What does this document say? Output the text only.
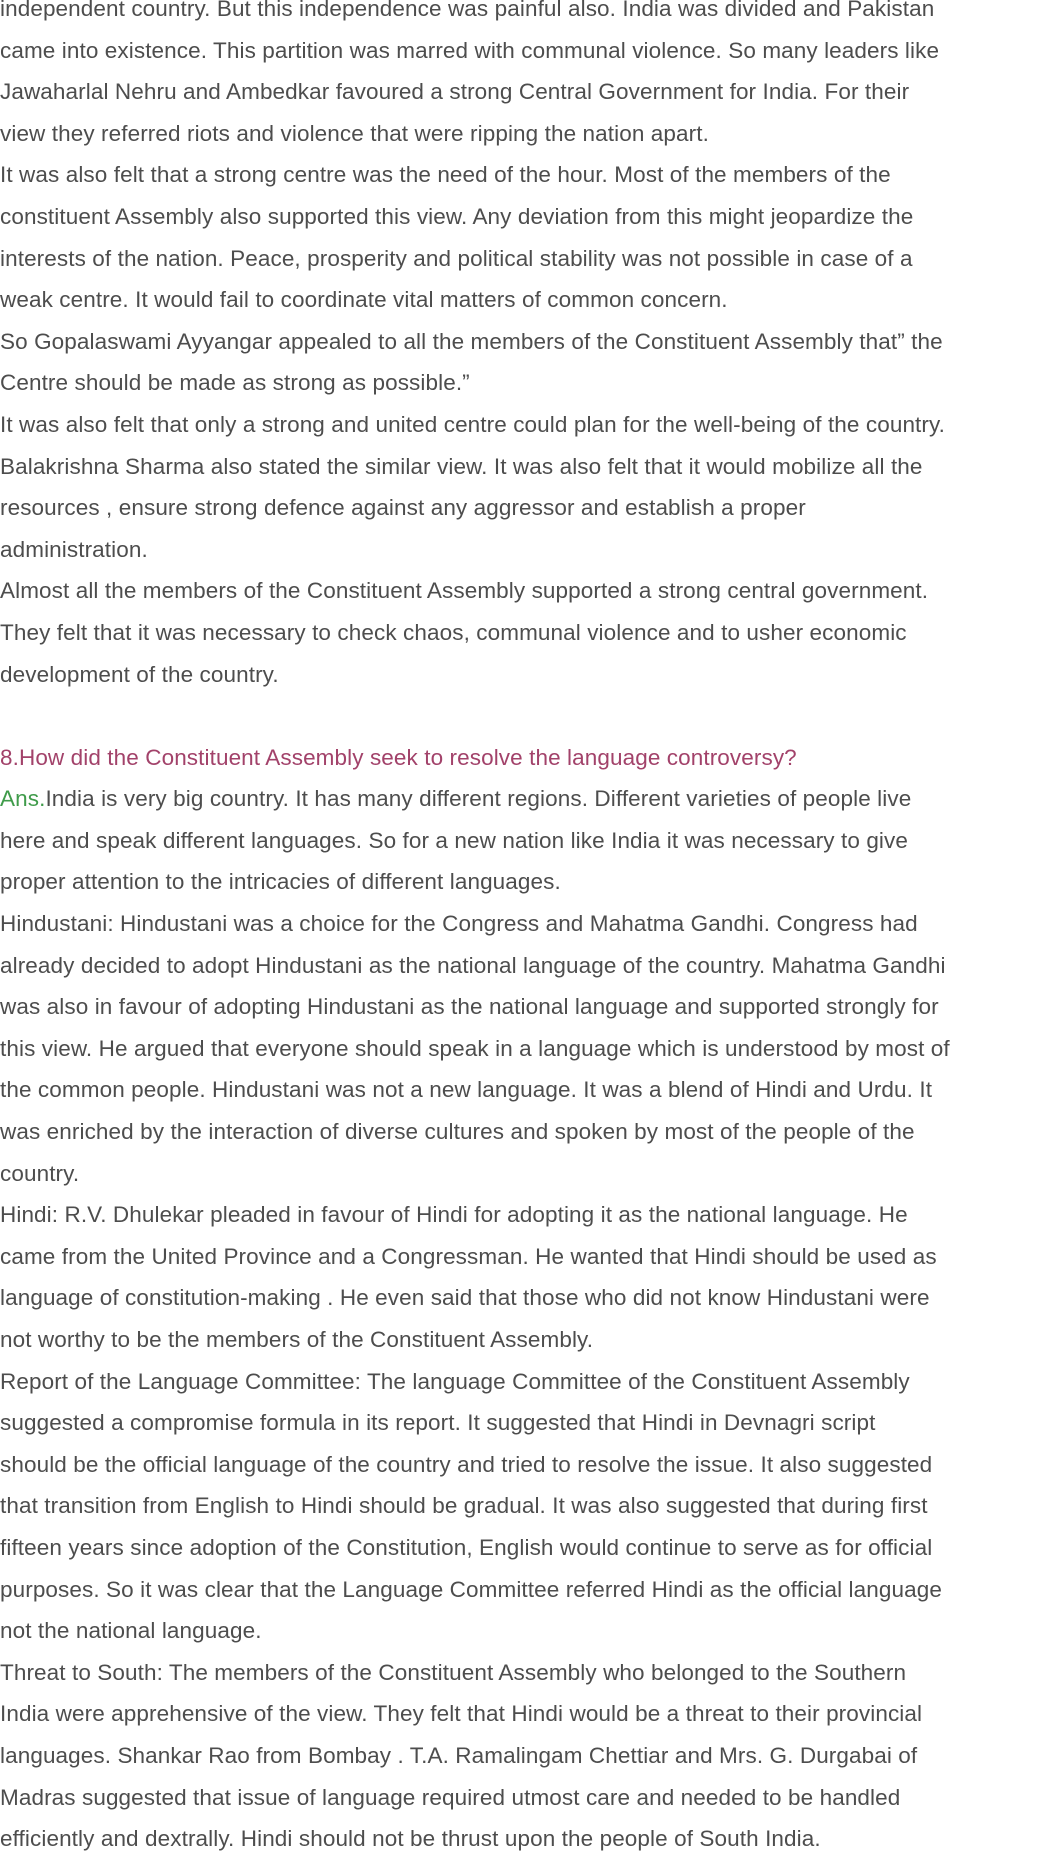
independent country. But this independence was painful also. India was divided and Pakistan
came into existence. This partition was marred with communal violence. So many leaders like
Jawaharlal Nehru and Ambedkar favoured a strong Central Government for India. For their
view they referred riots and violence that were ripping the nation apart.
It was also felt that a strong centre was the need of the hour. Most of the members of the
constituent Assembly also supported this view. Any deviation from this might jeopardize the
interests of the nation. Peace, prosperity and political stability was not possible in case of a
weak centre. It would fail to coordinate vital matters of common concern.
So Gopalaswami Ayyangar appealed to all the members of the Constituent Assembly that” the
Centre should be made as strong as possible.”
It was also felt that only a strong and united centre could plan for the well-being of the country.
Balakrishna Sharma also stated the similar view. It was also felt that it would mobilize all the
resources , ensure strong defence against any aggressor and establish a proper
administration.
Almost all the members of the Constituent Assembly supported a strong central government.
They felt that it was necessary to check chaos, communal violence and to usher economic
development of the country.
8.How did the Constituent Assembly seek to resolve the language controversy?
Ans.India is very big country. It has many different regions. Different varieties of people live
here and speak different languages. So for a new nation like India it was necessary to give
proper attention to the intricacies of different languages.
Hindustani: Hindustani was a choice for the Congress and Mahatma Gandhi. Congress had
already decided to adopt Hindustani as the national language of the country. Mahatma Gandhi
was also in favour of adopting Hindustani as the national language and supported strongly for
this view. He argued that everyone should speak in a language which is understood by most of
the common people. Hindustani was not a new language. It was a blend of Hindi and Urdu. It
was enriched by the interaction of diverse cultures and spoken by most of the people of the
country.
Hindi: R.V. Dhulekar pleaded in favour of Hindi for adopting it as the national language. He
came from the United Province and a Congressman. He wanted that Hindi should be used as
language of constitution-making . He even said that those who did not know Hindustani were
not worthy to be the members of the Constituent Assembly.
Report of the Language Committee: The language Committee of the Constituent Assembly
suggested a compromise formula in its report. It suggested that Hindi in Devnagri script
should be the official language of the country and tried to resolve the issue. It also suggested
that transition from English to Hindi should be gradual. It was also suggested that during first
fifteen years since adoption of the Constitution, English would continue to serve as for official
purposes. So it was clear that the Language Committee referred Hindi as the official language
not the national language.
Threat to South: The members of the Constituent Assembly who belonged to the Southern
India were apprehensive of the view. They felt that Hindi would be a threat to their provincial
languages. Shankar Rao from Bombay . T.A. Ramalingam Chettiar and Mrs. G. Durgabai of
Madras suggested that issue of language required utmost care and needed to be handled
efficiently and dextrally. Hindi should not be thrust upon the people of South India.
